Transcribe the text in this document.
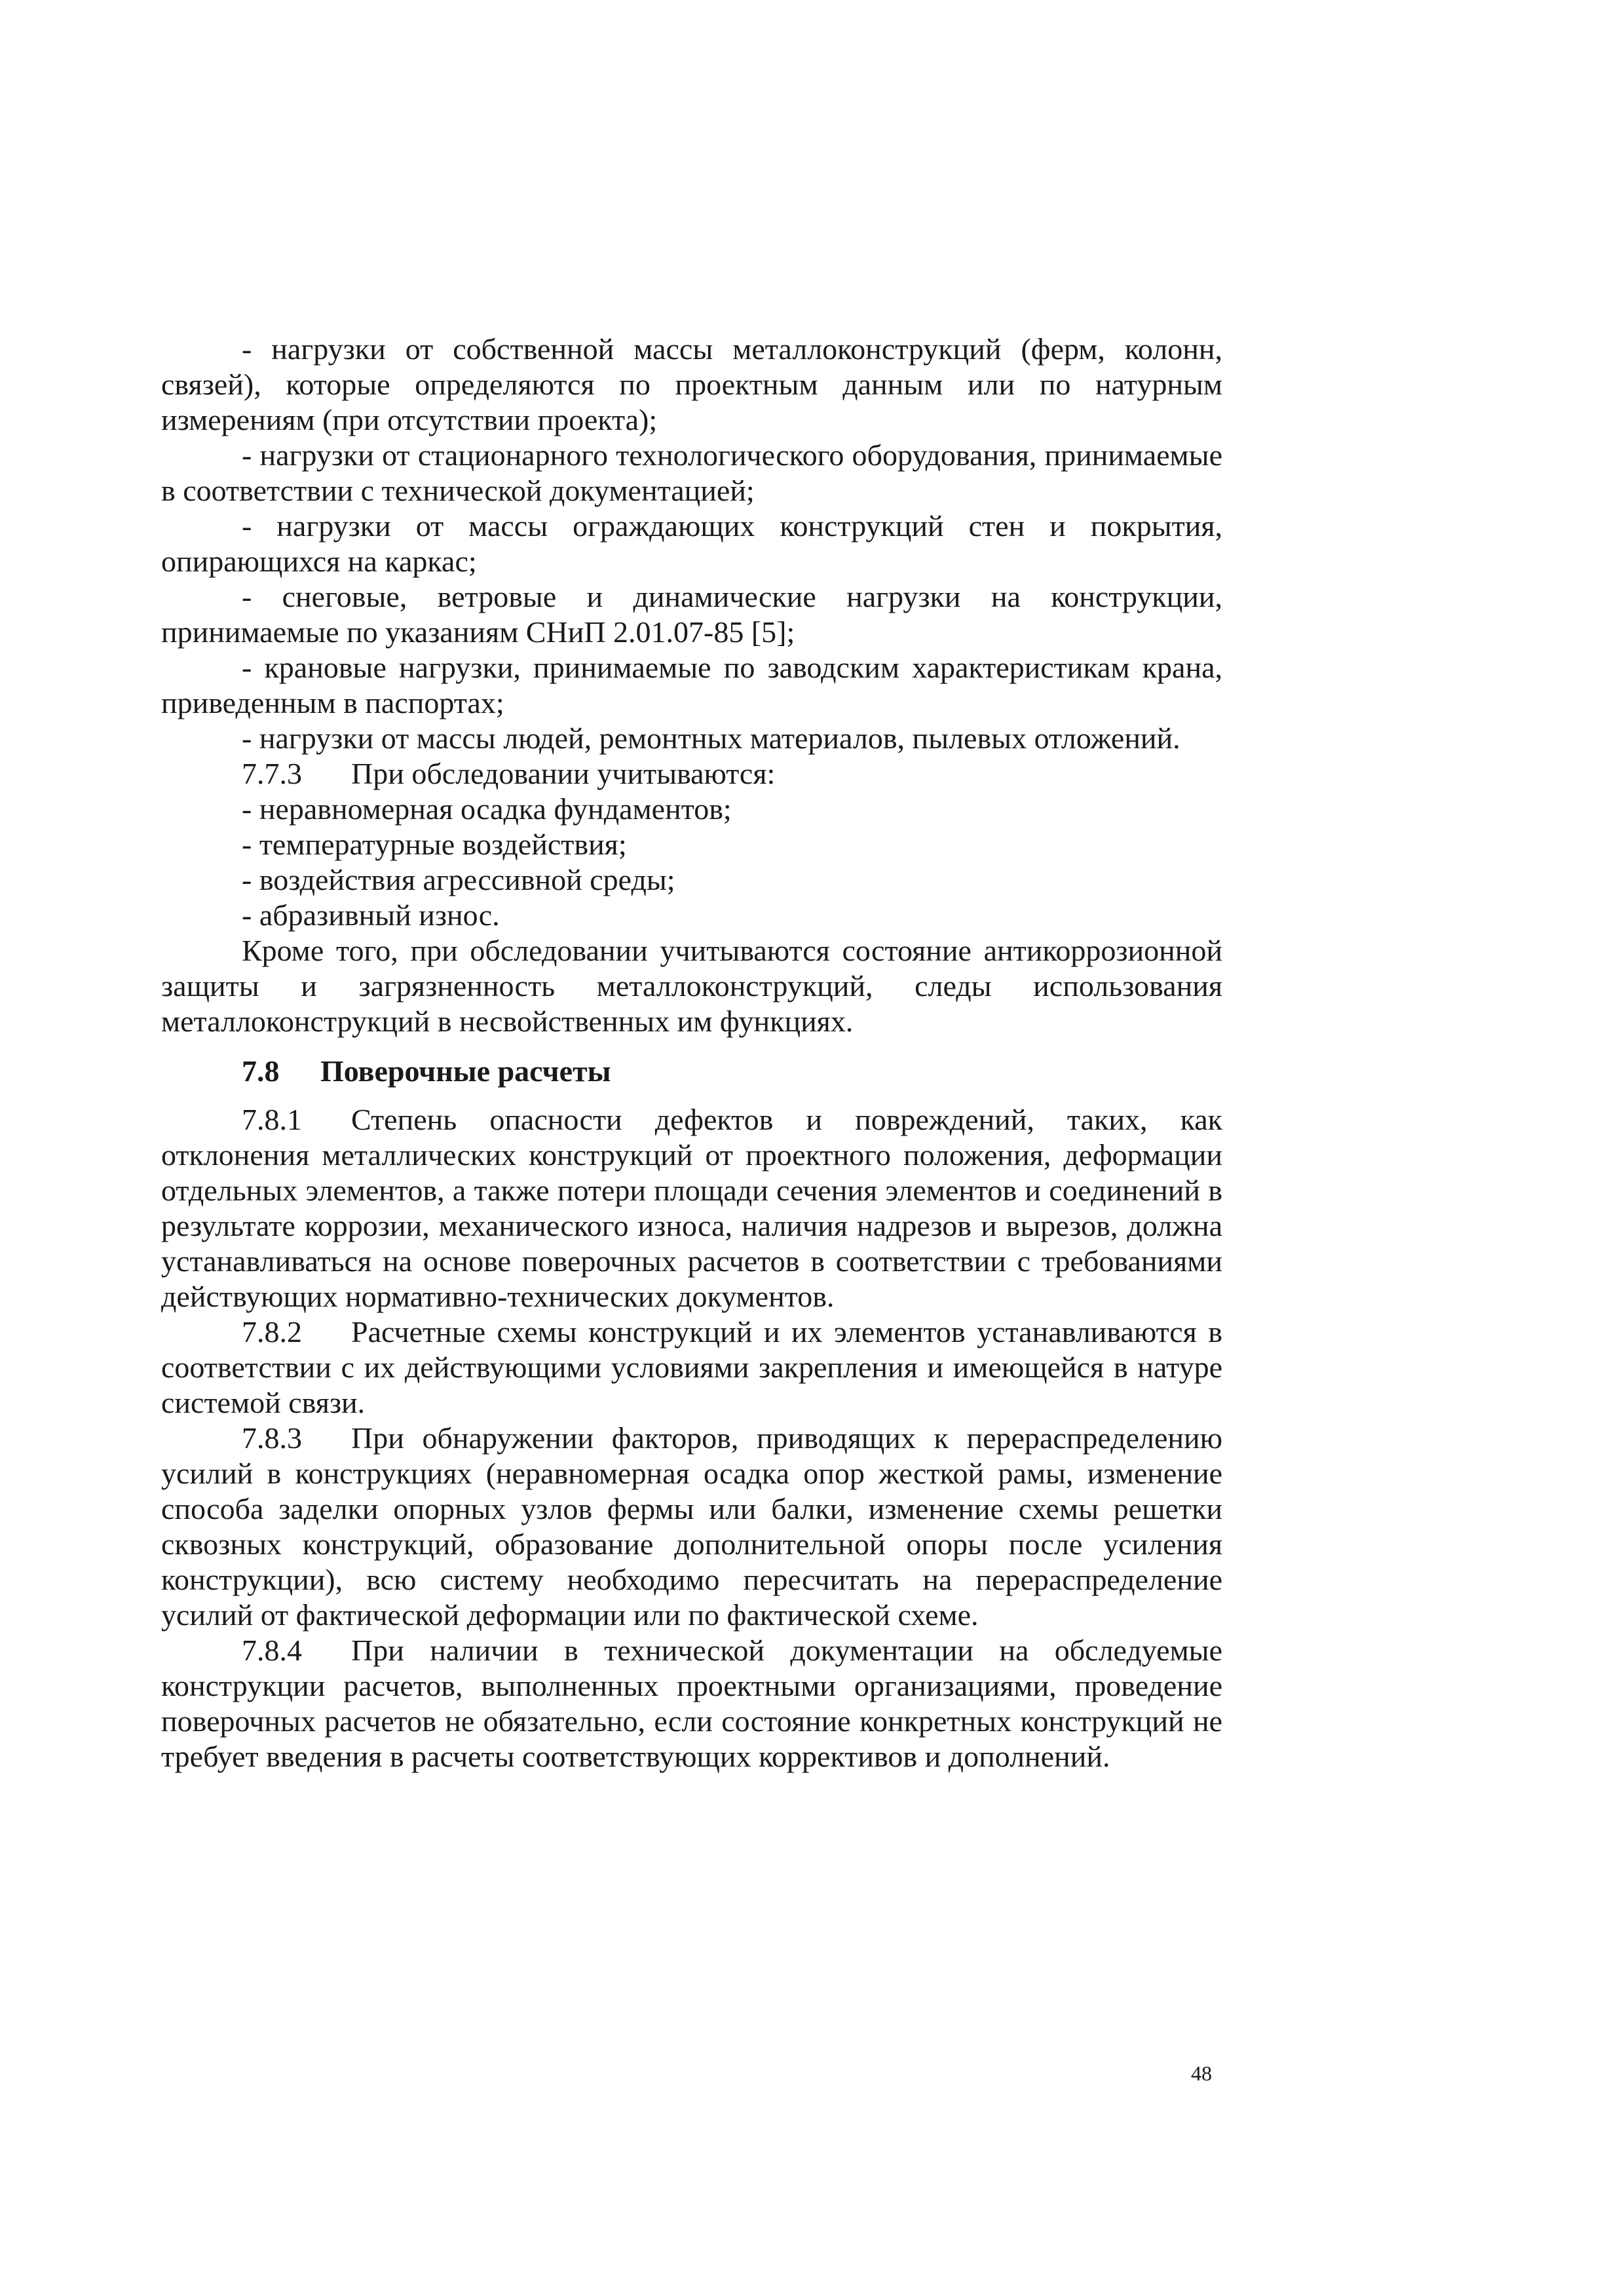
- нагрузки от собственной массы металлоконструкций (ферм, колонн, связей), которые определяются по проектным данным или по натурным измерениям (при отсутствии проекта);

- нагрузки от стационарного технологического оборудования, принимаемые в соответствии с технической документацией;

- нагрузки от массы ограждающих конструкций стен и покрытия, опирающихся на каркас;

- снеговые, ветровые и динамические нагрузки на конструкции, принимаемые по указаниям СНиП 2.01.07-85 [5];

- крановые нагрузки, принимаемые по заводским характеристикам крана, приведенным в паспортах;

- нагрузки от массы людей, ремонтных материалов, пылевых отложений.

7.7.3 При обследовании учитываются:

- неравномерная осадка фундаментов;

- температурные воздействия;

- воздействия агрессивной среды;

- абразивный износ.

Кроме того, при обследовании учитываются состояние антикоррозионной защиты и загрязненность металлоконструкций, следы использования металлоконструкций в несвойственных им функциях.

7.8 Поверочные расчеты

7.8.1 Степень опасности дефектов и повреждений, таких, как отклонения металлических конструкций от проектного положения, деформации отдельных элементов, а также потери площади сечения элементов и соединений в результате коррозии, механического износа, наличия надрезов и вырезов, должна устанавливаться на основе поверочных расчетов в соответствии с требованиями действующих нормативно-технических документов.

7.8.2 Расчетные схемы конструкций и их элементов устанавливаются в соответствии с их действующими условиями закрепления и имеющейся в натуре системой связи.

7.8.3 При обнаружении факторов, приводящих к перераспределению усилий в конструкциях (неравномерная осадка опор жесткой рамы, изменение способа заделки опорных узлов фермы или балки, изменение схемы решетки сквозных конструкций, образование дополнительной опоры после усиления конструкции), всю систему необходимо пересчитать на перераспределение усилий от фактической деформации или по фактической схеме.

7.8.4 При наличии в технической документации на обследуемые конструкции расчетов, выполненных проектными организациями, проведение поверочных расчетов не обязательно, если состояние конкретных конструкций не требует введения в расчеты соответствующих коррективов и дополнений.

48
